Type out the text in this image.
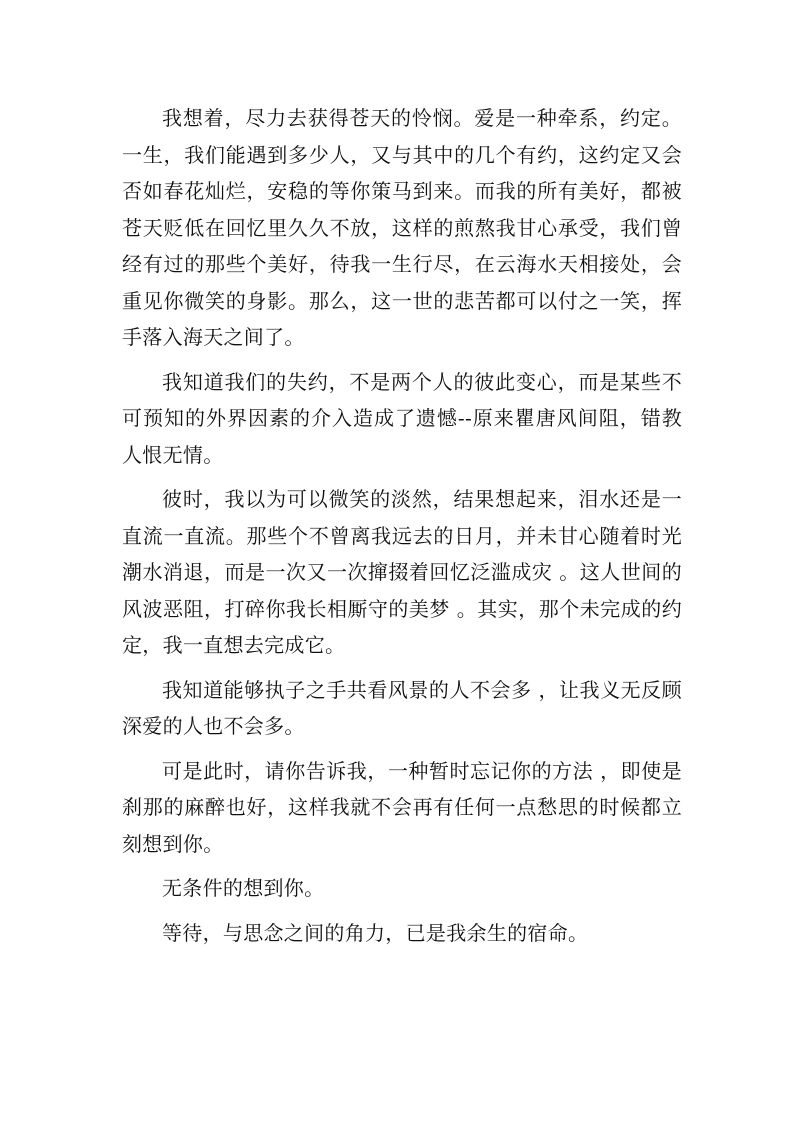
我想着，尽力去获得苍天的怜悯。爱是一种牵系，约定。一生，我们能遇到多少人，又与其中的几个有约，这约定又会否如春花灿烂，安稳的等你策马到来。而我的所有美好，都被苍天贬低在回忆里久久不放，这样的煎熬我甘心承受，我们曾经有过的那些个美好，待我一生行尽，在云海水天相接处，会重见你微笑的身影。那么，这一世的悲苦都可以付之一笑，挥手落入海天之间了。

我知道我们的失约，不是两个人的彼此变心，而是某些不可预知的外界因素的介入造成了遗憾--原来瞿唐风间阻，错教人恨无情。

彼时，我以为可以微笑的淡然，结果想起来，泪水还是一直流一直流。那些个不曾离我远去的日月，并未甘心随着时光潮水消退，而是一次又一次撺掇着回忆泛滥成灾 。这人世间的风波恶阻，打碎你我长相厮守的美梦 。其实，那个未完成的约定，我一直想去完成它。

我知道能够执子之手共看风景的人不会多 ，让我义无反顾深爱的人也不会多。

可是此时，请你告诉我，一种暂时忘记你的方法 ，即使是刹那的麻醉也好，这样我就不会再有任何一点愁思的时候都立刻想到你。

无条件的想到你。

等待，与思念之间的角力，已是我余生的宿命。
